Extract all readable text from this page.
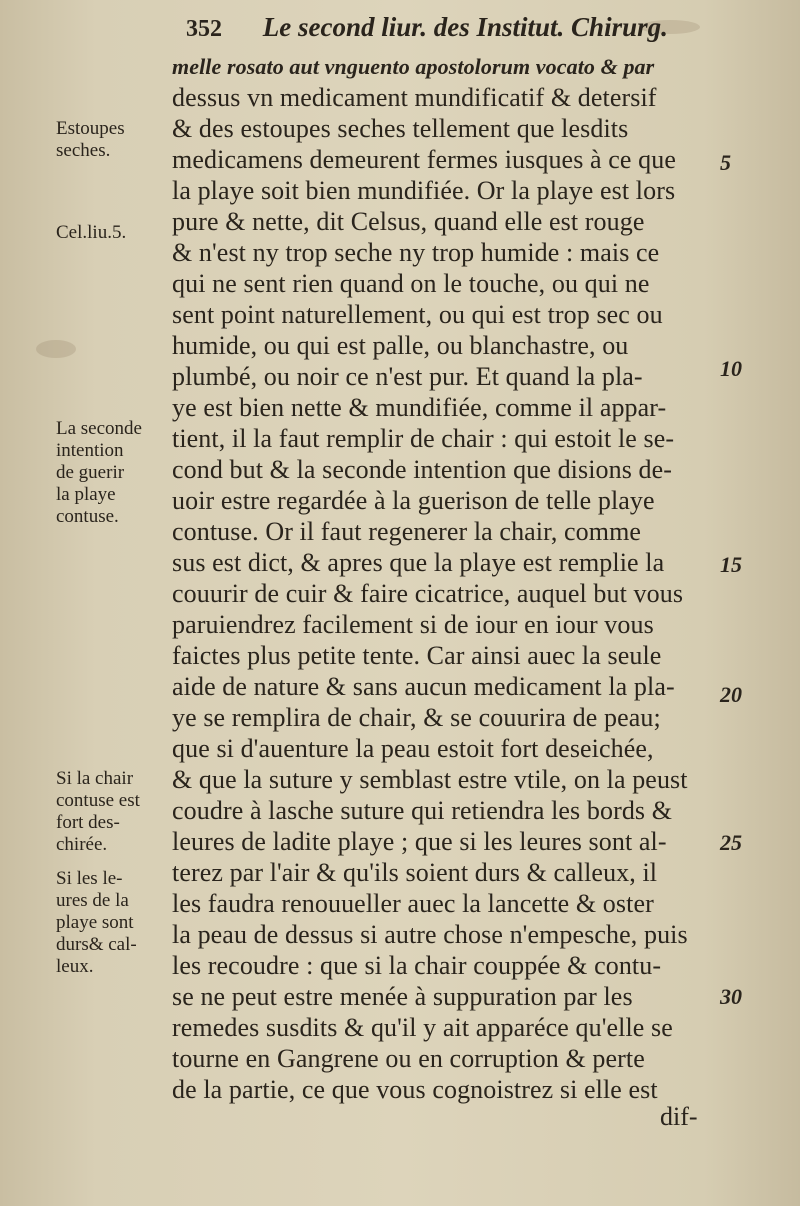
352 Le second liur. des Institut. Chirurg.
melle rosato aut vnguento apostolorum vocato & par
dessus vn medicament mundificatif & detersif
& des estoupes seches tellement que lesdits
medicamens demeurent fermes iusques à ce que
la playe soit bien mundifiée. Or la playe est lors
pure & nette, dit Celsus, quand elle est rouge
& n'est ny trop seche ny trop humide : mais ce
qui ne sent rien quand on le touche, ou qui ne
sent point naturellement, ou qui est trop sec ou
humide, ou qui est palle, ou blanchastre, ou
plumbé, ou noir ce n'est pur. Et quand la pla-
ye est bien nette & mundifiée, comme il appar-
tient, il la faut remplir de chair : qui estoit le se-
cond but & la seconde intention que disions de-
uoir estre regardée à la guerison de telle playe
contuse. Or il faut regenerer la chair, comme
sus est dict, & apres que la playe est remplie la
couurir de cuir & faire cicatrice, auquel but vous
paruiendrez facilement si de iour en iour vous
faictes plus petite tente. Car ainsi auec la seule
aide de nature & sans aucun medicament la pla-
ye se remplira de chair, & se couurira de peau;
que si d'auenture la peau estoit fort deseichée,
& que la suture y semblast estre vtile, on la peust
coudre à lasche suture qui retiendra les bords &
leures de ladite playe ; que si les leures sont al-
terez par l'air & qu'ils soient durs & calleux, il
les faudra renouueller auec la lancette & oster
la peau de dessus si autre chose n'empesche, puis
les recoudre : que si la chair couppée & contu-
se ne peut estre menée à suppuration par les
remedes susdits & qu'il y ait apparéce qu'elle se
tourne en Gangrene ou en corruption & perte
de la partie, ce que vous cognoistrez si elle est
dif-
Estoupes
seches.
Cel.liu.5.
La seconde
intention
de guerir
la playe
contuse.
Si la chair
contuse est
fort des-
chirée.
Si les le-
ures de la
playe sont
durs& cal-
leux.
5
10
15
20
25
30
